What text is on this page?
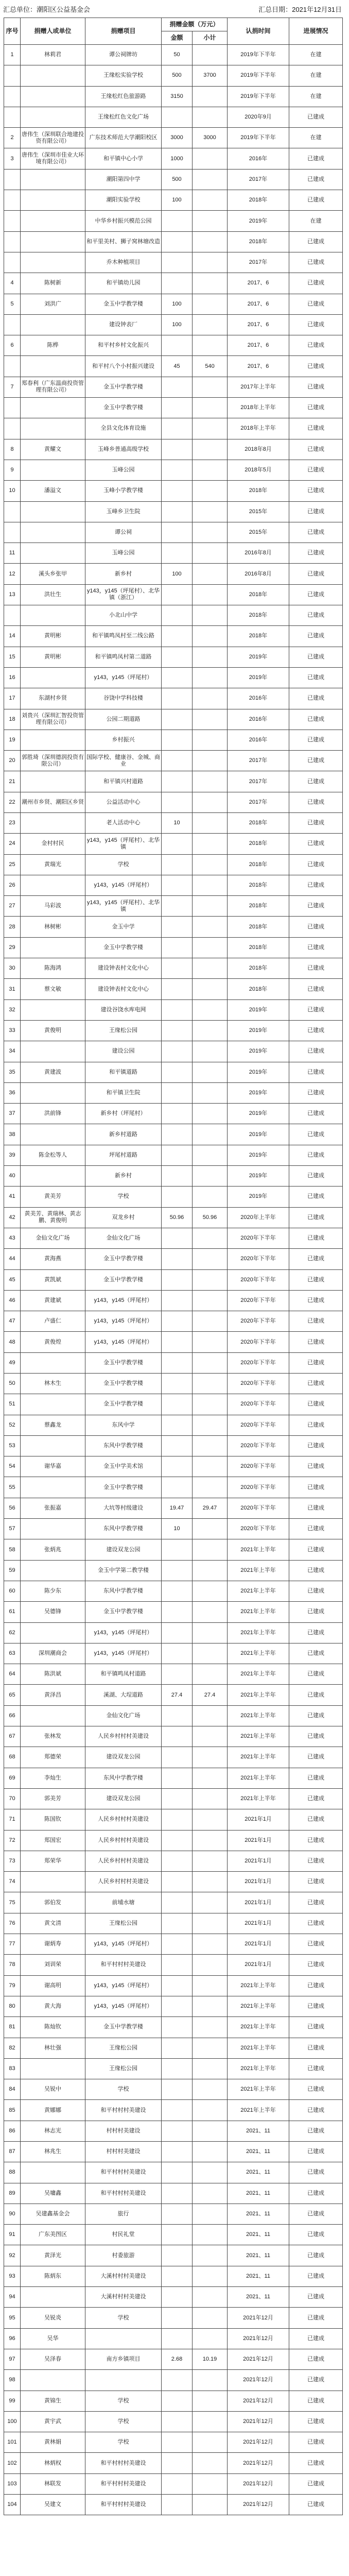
汇总单位：潮阳区公益基金会	汇总日期：2021年12月31日
序号	捐赠人或单位	捐赠项目	捐赠金额（万元）		认捐时间	进展情况
			金额	小计		
1	林莉君	谭公祠牌坊	50		2019年下半年	在建
		王缘松实验学校	500	3700	2019年下半年	在建
		王缘松红色旅游路	3150		2019年下半年	在建
		王缘松红色文化广场			2020年9月	已建成
2	唐伟生（深圳联合地建投资有限公司）	广东技术师范大学潮阳校区	3000	3000	2019年下半年	在建
3	唐伟生（深圳市佳业大环境有限公司）	和平镇中心小学	1000		2016年	已建成
		潮阳第四中学	500		2017年	已建成
		潮阳实验学校	100		2018年	已建成
		中华乡村振兴模范公园			2019年	在建
		和平里美村、狮子窝林塘改造			2018年	已建成
		乔木种植项目			2017年	已建成
4	陈树新	和平镇幼儿园			2017、6	已建成
5	刘洪广	金玉中学教学楼	100		2017、6	已建成
		建设钟表厂	100		2017、6	已建成
6	陈桦	和平村乡村文化振兴			2017、6	已建成
		和平村八个小村振兴建设	45	540	2017、6	已建成
7	郑春利（广东温商投资管理有限公司）	金玉中学教学楼			2017年上半年	已建成
		金玉中学教学楼			2018年上半年	已建成
		全县文化体育设施			2018年上半年	已建成
8	黄耀文	玉峰乡普通高级学校			2018年8月	已建成
9		玉峰公园			2018年5月	已建成
10	潘溢文	玉峰小学教学楼			2018年	已建成
		玉峰乡卫生院			2015年	已建成
		谭公祠			2015年	已建成
11		玉峰公园			2016年8月	已建成
12	溪头乡张甲	新乡村	100		2016年8月	已建成
13	洪壮生	y143，y145（坪尾村）、北华镇（浙江）			2018年	已建成
		小北山中学			2018年	已建成
14	黄明彬	和平镇鸣凤村至二线公路			2018年	已建成
15	黄明彬	和平镇鸣凤村第二道路			2019年	已建成
16		y143，y145（坪尾村）			2019年	已建成
17	东湖村乡贤	谷饶中学科技楼			2016年	已建成
18	刘贵兴（深圳汇智投资管理有限公司）	公园二期道路			2016年	已建成
19		乡村振兴			2016年	已建成
20	郭胜琦（深圳德润投资有限公司）	国际学校、健康谷、金城、商业			2017年	已建成
21		和平镇兴村道路			2017年	已建成
22	潮州市乡贤、潮阳区乡贤	公益活动中心			2017年	已建成
23		老人活动中心	10		2018年	已建成
24	金村村民	y143，y145（坪尾村）、北华镇			2018年	已建成
25	黄瑞光	学校			2018年	已建成
26		y143，y145（坪尾村）			2018年	已建成
27	马彩波	y143，y145（坪尾村）、北华镇			2018年	已建成
28	林树彬	金玉中学			2018年	已建成
29		金玉中学教学楼			2018年	已建成
30	陈海鸿	建设钟表村文化中心			2018年	已建成
31	蔡文敏	建设钟表村文化中心			2018年	已建成
32		建设谷饶水库电网			2019年	已建成
33	黄俊明	王缘松公园			2019年	已建成
34		建设公园			2019年	已建成
35	黄建波	和平镇道路			2019年	已建成
36		和平镇卫生院			2019年	已建成
37	洪前锋	新乡村（坪尾村）			2019年	已建成
38		新乡村道路			2019年	已建成
39	陈金松等人	坪尾村道路			2019年	已建成
40		新乡村			2019年	已建成
41	黄美芳	学校			2019年	已建成
42	黄美芳、黄瑞林、黄志鹏、黄俊明	双龙乡村	50.96	50.96	2020年上半年	已建成
43	金仙文化广场	金仙文化广场			2020年下半年	已建成
44	黄海燕	金玉中学教学楼			2020年下半年	已建成
45	黄凯斌	金玉中学教学楼			2020年下半年	已建成
46	黄建斌	y143，y145（坪尾村）			2020年下半年	已建成
47	卢盛仁	y143，y145（坪尾村）			2020年下半年	已建成
48	黄俊煌	y143，y145（坪尾村）			2020年下半年	已建成
49		金玉中学教学楼			2020年下半年	已建成
50	林木生	金玉中学教学楼			2020年下半年	已建成
51		金玉中学教学楼			2020年下半年	已建成
52	蔡鑫龙	东风中学			2020年下半年	已建成
53		东风中学教学楼			2020年下半年	已建成
54	谢华嘉	金玉中学美术馆			2020年下半年	已建成
55		金玉中学教学楼			2020年下半年	已建成
56	张振嘉	大坑等村级建设	19.47	29.47	2020年下半年	已建成
57		东风中学教学楼	10		2020年下半年	已建成
58	张炳兆	建设双龙公园			2021年上半年	已建成
59		金玉中学第二教学楼			2021年上半年	已建成
60	陈少东	东风中学教学楼			2021年上半年	已建成
61	吴德锋	金玉中学教学楼			2021年上半年	已建成
62		y143，y145（坪尾村）			2021年上半年	已建成
63	深圳潮商会	y143，y145（坪尾村）			2021年上半年	已建成
64	陈洪斌	和平镇鸣凤村道路			2021年上半年	已建成
65	黄泽昌	溪湖、大埕道路	27.4	27.4	2021年上半年	已建成
66		金仙文化广场			2021年上半年	已建成
67	张林发	人民乡村村村美建设			2021年上半年	已建成
68	郑德荣	建设双龙公园			2021年上半年	已建成
69	李灿生	东风中学教学楼			2021年上半年	已建成
70	郭美芳	建设双龙公园			2021年上半年	已建成
71	陈国钦	人民乡村村村美建设			2021年1月	已建成
72	郑国宏	人民乡村村村美建设			2021年1月	已建成
73	郑荣华	人民乡村村村美建设			2021年1月	已建成
74		人民乡村村村美建设			2021年1月	已建成
75	郭伯发	前埔水塘			2021年1月	已建成
76	黄文清	王缘松公园			2021年1月	已建成
77	谢炳寿	y143，y145（坪尾村）			2021年1月	已建成
78	刘训荣	和平村村村美建设			2021年1月	已建成
79	谢高明	y143，y145（坪尾村）			2021年上半年	已建成
80	黄大海	y143，y145（坪尾村）			2021年上半年	已建成
81	陈灿钦	金玉中学教学楼			2021年上半年	已建成
82	林壮强	王缘松公园			2021年上半年	已建成
83		王缘松公园			2021年上半年	已建成
84	吴锐中	学校			2021年上半年	已建成
85	黄娜娜	和平村村村美建设			2021年上半年	已建成
86	林志光	村村村美建设			2021、11	已建成
87	林兆生	村村村美建设			2021、11	已建成
88		和平村村村美建设			2021、11	已建成
89	吴墉鑫	和平村村村美建设			2021、11	已建成
90	吴建鑫基金会	旅行			2021、11	已建成
91	广东美图区	村民礼堂			2021、11	已建成
92	黄泽光	村委旅游			2021、11	已建成
93	陈炳东	大溪村村村美建设			2021、11	已建成
94		大溪村村村美建设			2021、11	已建成
95	吴锐炎	学校			2021年12月	已建成
96	吴华				2021年12月	已建成
97	吴泽春	南方乡镇项目	2.68	10.19	2021年12月	已建成
98					2021年12月	已建成
99	黄锦生	学校			2021年12月	已建成
100	黄宇武	学校			2021年12月	已建成
101	黄林娟	学校			2021年12月	已建成
102	林炳权	和平村村村美建设			2021年12月	已建成
103	林联发	和平村村村美建设			2021年12月	已建成
104	吴建文	和平村村村美建设			2021年12月	已建成
